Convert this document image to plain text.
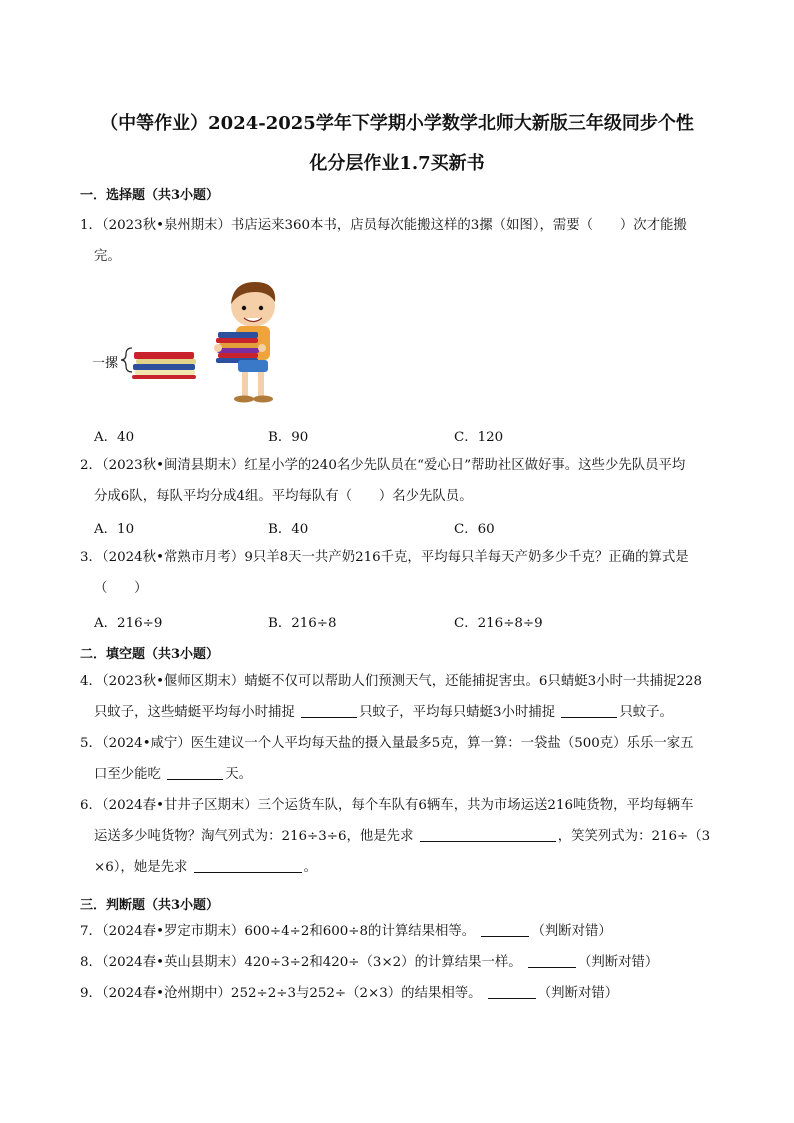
（中等作业）2024-2025学年下学期小学数学北师大新版三年级同步个性
化分层作业1.7买新书
一．选择题（共3小题）
1．（2023秋•泉州期末）书店运来360本书，店员每次能搬这样的3摞（如图），需要（　　）次才能搬
完。
一摞
A．40	B．90	C．120
2．（2023秋•闽清县期末）红星小学的240名少先队员在“爱心日”帮助社区做好事。这些少先队员平均
分成6队，每队平均分成4组。平均每队有（　　）名少先队员。
A．10	B．40	C．60
3．（2024秋•常熟市月考）9只羊8天一共产奶216千克，平均每只羊每天产奶多少千克？正确的算式是
（　　）
A．216÷9	B．216÷8	C．216÷8÷9
二．填空题（共3小题）
4．（2023秋•偃师区期末）蜻蜓不仅可以帮助人们预测天气，还能捕捉害虫。6只蜻蜓3小时一共捕捉228
只蚊子，这些蜻蜓平均每小时捕捉	只蚊子，平均每只蜻蜓3小时捕捉	只蚊子。
5．（2024•咸宁）医生建议一个人平均每天盐的摄入量最多5克，算一算：一袋盐（500克）乐乐一家五
口至少能吃	天。
6．（2024春•甘井子区期末）三个运货车队，每个车队有6辆车，共为市场运送216吨货物，平均每辆车
运送多少吨货物？淘气列式为：216÷3÷6，他是先求	，笑笑列式为：216÷（3
×6），她是先求	。
三．判断题（共3小题）
7．（2024春•罗定市期末）600÷4÷2和600÷8的计算结果相等。	（判断对错）
8．（2024春•英山县期末）420÷3÷2和420÷（3×2）的计算结果一样。	（判断对错）
9．（2024春•沧州期中）252÷2÷3与252÷（2×3）的结果相等。	（判断对错）
